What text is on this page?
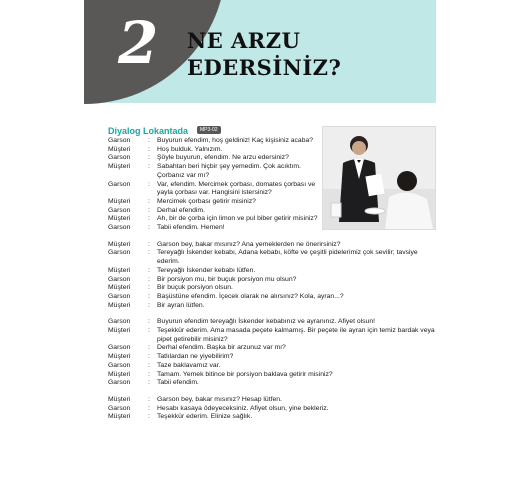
2 NE ARZU
EDERSİNİZ?
Diyalog Lokantada	MP3-02
Garson	:	Buyurun efendim, hoş geldiniz! Kaç kişisiniz acaba?
Müşteri	:	Hoş bulduk. Yalnızım.
Garson	:	Şöyle buyurun, efendim. Ne arzu edersiniz?
Müşteri	:	Sabahtan beri hiçbir şey yemedim. Çok acıktım. Çorbanız var mı?
Garson	:	Var, efendim. Mercimek çorbası, domates çorbası ve yayla çorbası var. Hangisini istersiniz?
Müşteri	:	Mercimek çorbası getirir misiniz?
Garson	:	Derhal efendim.
Müşteri	:	Ah, bir de çorba için limon ve pul biber getirir misiniz?
Garson	:	Tabii efendim. Hemen!
Müşteri	:	Garson bey, bakar mısınız? Ana yemeklerden ne önerirsiniz?
Garson	:	Tereyağlı İskender kebabı, Adana kebabı, köfte ve çeşitli pidelerimiz çok sevilir; tavsiye ederim.
Müşteri	:	Tereyağlı İskender kebabı lütfen.
Garson	:	Bir porsiyon mu, bir buçuk porsiyon mu olsun?
Müşteri	:	Bir buçuk porsiyon olsun.
Garson	:	Başüstüne efendim. İçecek olarak ne alırsınız? Kola, ayran...?
Müşteri	:	Bir ayran lütfen.
Garson	:	Buyurun efendim tereyağlı İskender kebabınız ve ayranınız. Afiyet olsun!
Müşteri	:	Teşekkür ederim. Ama masada peçete kalmamış. Bir peçete ile ayran için temiz bardak veya pipet getirebilir misiniz?
Garson	:	Derhal efendim. Başka bir arzunuz var mı?
Müşteri	:	Tatlılardan ne yiyebilirim?
Garson	:	Taze baklavamız var.
Müşteri	:	Tamam. Yemek bitince bir porsiyon baklava getirir misiniz?
Garson	:	Tabii efendim.
Müşteri	:	Garson bey, bakar mısınız? Hesap lütfen.
Garson	:	Hesabı kasaya ödeyeceksiniz. Afiyet olsun, yine bekleriz.
Müşteri	:	Teşekkür ederim. Elinize sağlık.
